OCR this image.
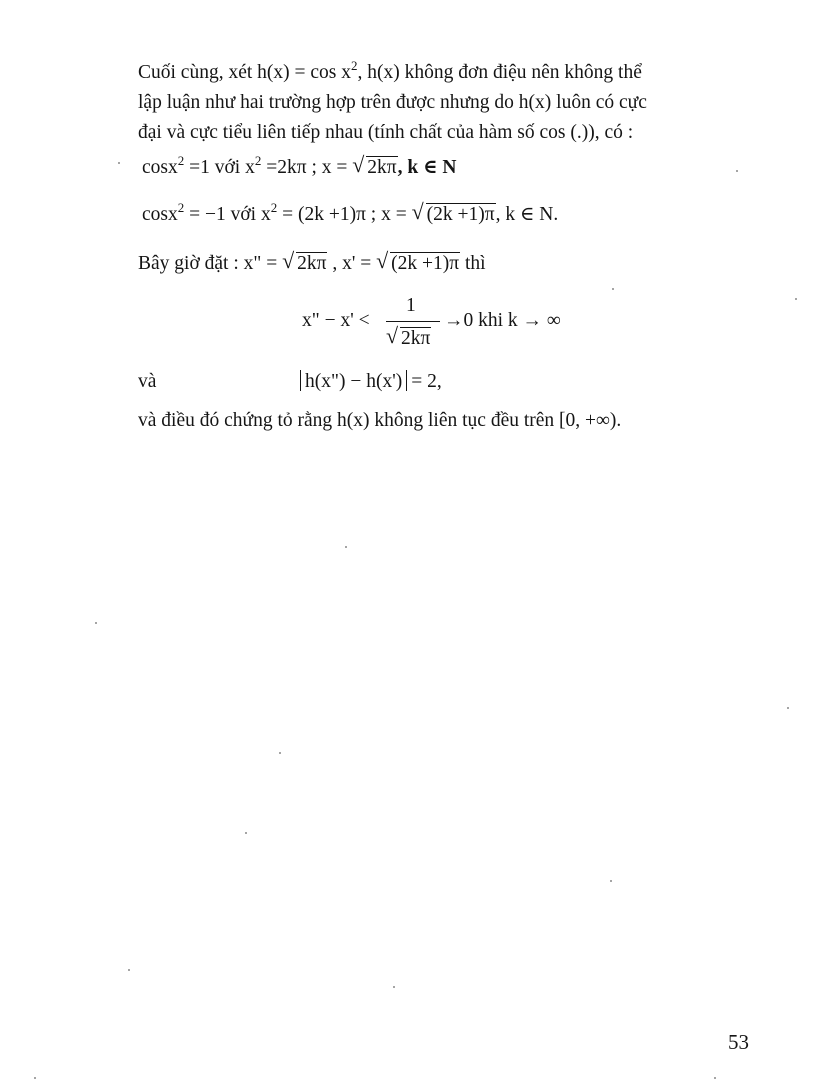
Cuối cùng, xét $h(x) = \cos x^2$, h(x) không đơn điệu nên không thể
lập luận như hai trường hợp trên được nhưng do h(x) luôn có cực
đại và cực tiểu liên tiếp nhau (tính chất của hàm số cos (.)), có :
cosx$^2$ =1 với $x^2 =2k\pi$ ; x = √ 2kπ, k ∈ N
cosx$^2$ = −1 với $x^2 = (2k +1)\pi$ ; x = √ (2k +1)π, k ∈ N.
Bây giờ đặt : x" = √ 2kπ , x' = √ (2k +1)π thì
x" − x' <
1
√ 2kπ
→0 khi k → ∞
và	h(x") − h(x') = 2,
và điều đó chứng tỏ rằng h(x) không liên tục đều trên [0, +∞).
53
